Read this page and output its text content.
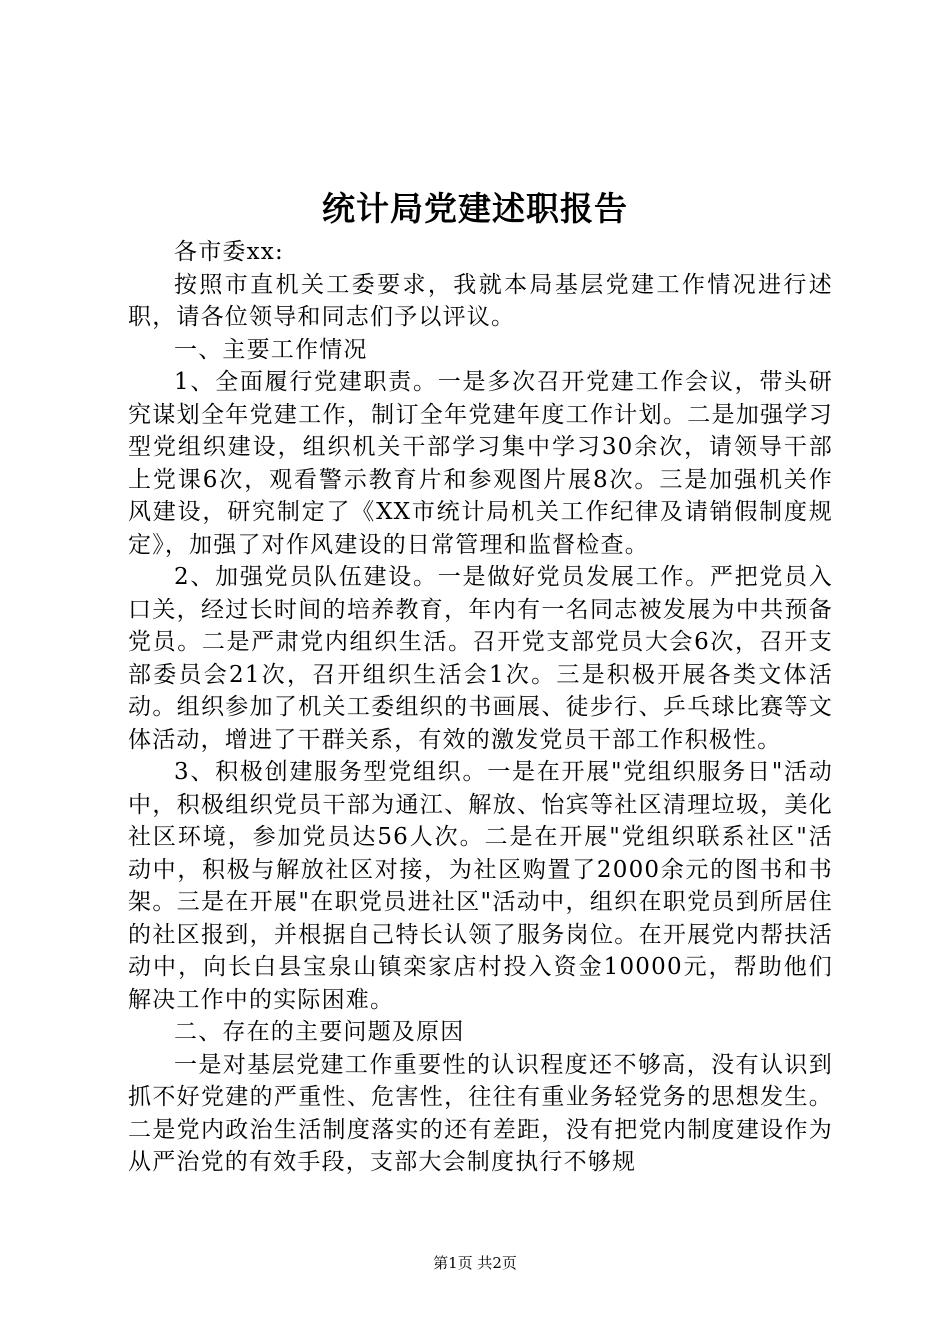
统计局党建述职报告

各市委xx:

按照市直机关工委要求，我就本局基层党建工作情况进行述职，请各位领导和同志们予以评议。

一、主要工作情况

1、全面履行党建职责。一是多次召开党建工作会议，带头研究谋划全年党建工作，制订全年党建年度工作计划。二是加强学习型党组织建设，组织机关干部学习集中学习30余次，请领导干部上党课6次，观看警示教育片和参观图片展8次。三是加强机关作风建设，研究制定了《XX市统计局机关工作纪律及请销假制度规定》，加强了对作风建设的日常管理和监督检查。

2、加强党员队伍建设。一是做好党员发展工作。严把党员入口关，经过长时间的培养教育，年内有一名同志被发展为中共预备党员。二是严肃党内组织生活。召开党支部党员大会6次，召开支部委员会21次，召开组织生活会1次。三是积极开展各类文体活动。组织参加了机关工委组织的书画展、徒步行、乒乓球比赛等文体活动，增进了干群关系，有效的激发党员干部工作积极性。

3、积极创建服务型党组织。一是在开展"党组织服务日"活动中，积极组织党员干部为通江、解放、怡宾等社区清理垃圾，美化社区环境，参加党员达56人次。二是在开展"党组织联系社区"活动中，积极与解放社区对接，为社区购置了2000余元的图书和书架。三是在开展"在职党员进社区"活动中，组织在职党员到所居住的社区报到，并根据自己特长认领了服务岗位。在开展党内帮扶活动中，向长白县宝泉山镇栾家店村投入资金10000元，帮助他们解决工作中的实际困难。

二、存在的主要问题及原因

一是对基层党建工作重要性的认识程度还不够高，没有认识到抓不好党建的严重性、危害性，往往有重业务轻党务的思想发生。二是党内政治生活制度落实的还有差距，没有把党内制度建设作为从严治党的有效手段，支部大会制度执行不够规

第1页 共2页
